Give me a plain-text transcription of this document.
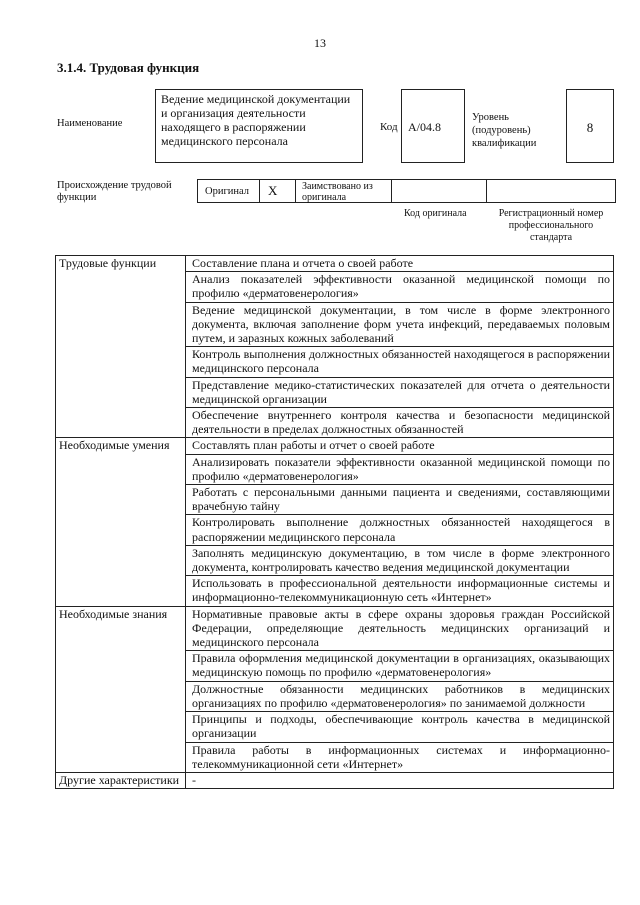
13
3.1.4. Трудовая функция
Наименование
Ведение медицинской документации и организация деятельности находящего в распоряжении медицинского персонала
Код A/04.8
Уровень (подуровень) квалификации
8
Происхождение трудовой функции
Оригинал	X	Заимствовано из оригинала
Код оригинала	Регистрационный номер профессионального стандарта
Трудовые функции	Составление плана и отчета о своей работе
	Анализ показателей эффективности оказанной медицинской помощи по профилю «дерматовенерология»
	Ведение медицинской документации, в том числе в форме электронного документа, включая заполнение форм учета инфекций, передаваемых половым путем, и заразных кожных заболеваний
	Контроль выполнения должностных обязанностей находящегося в распоряжении медицинского персонала
	Представление медико-статистических показателей для отчета о деятельности медицинской организации
	Обеспечение внутреннего контроля качества и безопасности медицинской деятельности в пределах должностных обязанностей
Необходимые умения	Составлять план работы и отчет о своей работе
	Анализировать показатели эффективности оказанной медицинской помощи по профилю «дерматовенерология»
	Работать с персональными данными пациента и сведениями, составляющими врачебную тайну
	Контролировать выполнение должностных обязанностей находящегося в распоряжении медицинского персонала
	Заполнять медицинскую документацию, в том числе в форме электронного документа, контролировать качество ведения медицинской документации
	Использовать в профессиональной деятельности информационные системы и информационно-телекоммуникационную сеть «Интернет»
Необходимые знания	Нормативные правовые акты в сфере охраны здоровья граждан Российской Федерации, определяющие деятельность медицинских организаций и медицинского персонала
	Правила оформления медицинской документации в организациях, оказывающих медицинскую помощь по профилю «дерматовенерология»
	Должностные обязанности медицинских работников в медицинских организациях по профилю «дерматовенерология» по занимаемой должности
	Принципы и подходы, обеспечивающие контроль качества в медицинской организации
	Правила работы в информационных системах и информационно-телекоммуникационной сети «Интернет»
Другие характеристики	-
